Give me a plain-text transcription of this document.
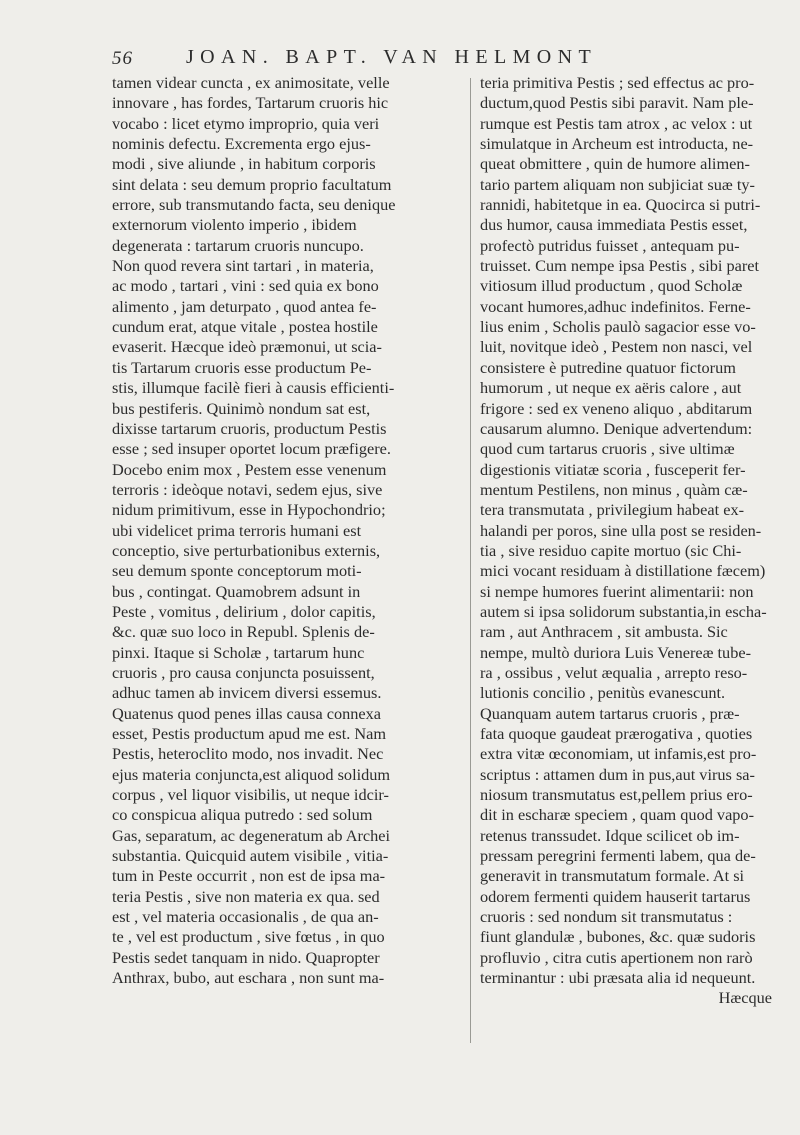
56	JOAN. BAPT. VAN HELMONT
tamen videar cuncta , ex animositate, velle
innovare , has fordes, Tartarum cruoris hic
vocabo : licet etymo improprio, quia veri
nominis defectu. Excrementa ergo ejus-
modi , sive aliunde , in habitum corporis
sint delata : seu demum proprio facultatum
errore, sub transmutando facta, seu denique
externorum violento imperio , ibidem
degenerata : tartarum cruoris nuncupo.
Non quod revera sint tartari , in materia,
ac modo , tartari , vini : sed quia ex bono
alimento , jam deturpato , quod antea fe-
cundum erat, atque vitale , postea hostile
evaserit. Hæcque ideò præmonui, ut scia-
tis Tartarum cruoris esse productum Pe-
stis, illumque facilè fieri à causis efficienti-
bus pestiferis. Quinimò nondum sat est,
dixisse tartarum cruoris, productum Pestis
esse ; sed insuper oportet locum præfigere.
Docebo enim mox , Pestem esse venenum
terroris : ideòque notavi, sedem ejus, sive
nidum primitivum, esse in Hypochondrio;
ubi videlicet prima terroris humani est
conceptio, sive perturbationibus externis,
seu demum sponte conceptorum moti-
bus , contingat. Quamobrem adsunt in
Peste , vomitus , delirium , dolor capitis,
&c. quæ suo loco in Republ. Splenis de-
pinxi. Itaque si Scholæ , tartarum hunc
cruoris , pro causa conjuncta posuissent,
adhuc tamen ab invicem diversi essemus.
Quatenus quod penes illas causa connexa
esset, Pestis productum apud me est. Nam
Pestis, heteroclito modo, nos invadit. Nec
ejus materia conjuncta,est aliquod solidum
corpus , vel liquor visibilis, ut neque idcir-
co conspicua aliqua putredo : sed solum
Gas, separatum, ac degeneratum ab Archei
substantia. Quicquid autem visibile , vitia-
tum in Peste occurrit , non est de ipsa ma-
teria Pestis , sive non materia ex qua. sed
est , vel materia occasionalis , de qua an-
te , vel est productum , sive fœtus , in quo
Pestis sedet tanquam in nido. Quapropter
Anthrax, bubo, aut eschara , non sunt ma-
teria primitiva Pestis ; sed effectus ac pro-
ductum,quod Pestis sibi paravit. Nam ple-
rumque est Pestis tam atrox , ac velox : ut
simulatque in Archeum est introducta, ne-
queat obmittere , quin de humore alimen-
tario partem aliquam non subjiciat suæ ty-
rannidi, habitetque in ea. Quocirca si putri-
dus humor, causa immediata Pestis esset,
profectò putridus fuisset , antequam pu-
truisset. Cum nempe ipsa Pestis , sibi paret
vitiosum illud productum , quod Scholæ
vocant humores,adhuc indefinitos. Ferne-
lius enim , Scholis paulò sagacior esse vo-
luit, novitque ideò , Pestem non nasci, vel
consistere è putredine quatuor fictorum
humorum , ut neque ex aëris calore , aut
frigore : sed ex veneno aliquo , abditarum
causarum alumno. Denique advertendum:
quod cum tartarus cruoris , sive ultimæ
digestionis vitiatæ scoria , fusceperit fer-
mentum Pestilens, non minus , quàm cæ-
tera transmutata , privilegium habeat ex-
halandi per poros, sine ulla post se residen-
tia , sive residuo capite mortuo (sic Chi-
mici vocant residuam à distillatione fæcem)
si nempe humores fuerint alimentarii: non
autem si ipsa solidorum substantia,in escha-
ram , aut Anthracem , sit ambusta. Sic
nempe, multò duriora Luis Venereæ tube-
ra , ossibus , velut æqualia , arrepto reso-
lutionis concilio , penitùs evanescunt.
Quanquam autem tartarus cruoris , præ-
fata quoque gaudeat prærogativa , quoties
extra vitæ œconomiam, ut infamis,est pro-
scriptus : attamen dum in pus,aut virus sa-
niosum transmutatus est,pellem prius ero-
dit in escharæ speciem , quam quod vapo-
retenus transsudet. Idque scilicet ob im-
pressam peregrini fermenti labem, qua de-
generavit in transmutatum formale. At si
odorem fermenti quidem hauserit tartarus
cruoris : sed nondum sit transmutatus :
fiunt glandulæ , bubones, &c. quæ sudoris
profluvio , citra cutis apertionem non rarò
terminantur : ubi præsata alia id nequeunt.
Hæcque
